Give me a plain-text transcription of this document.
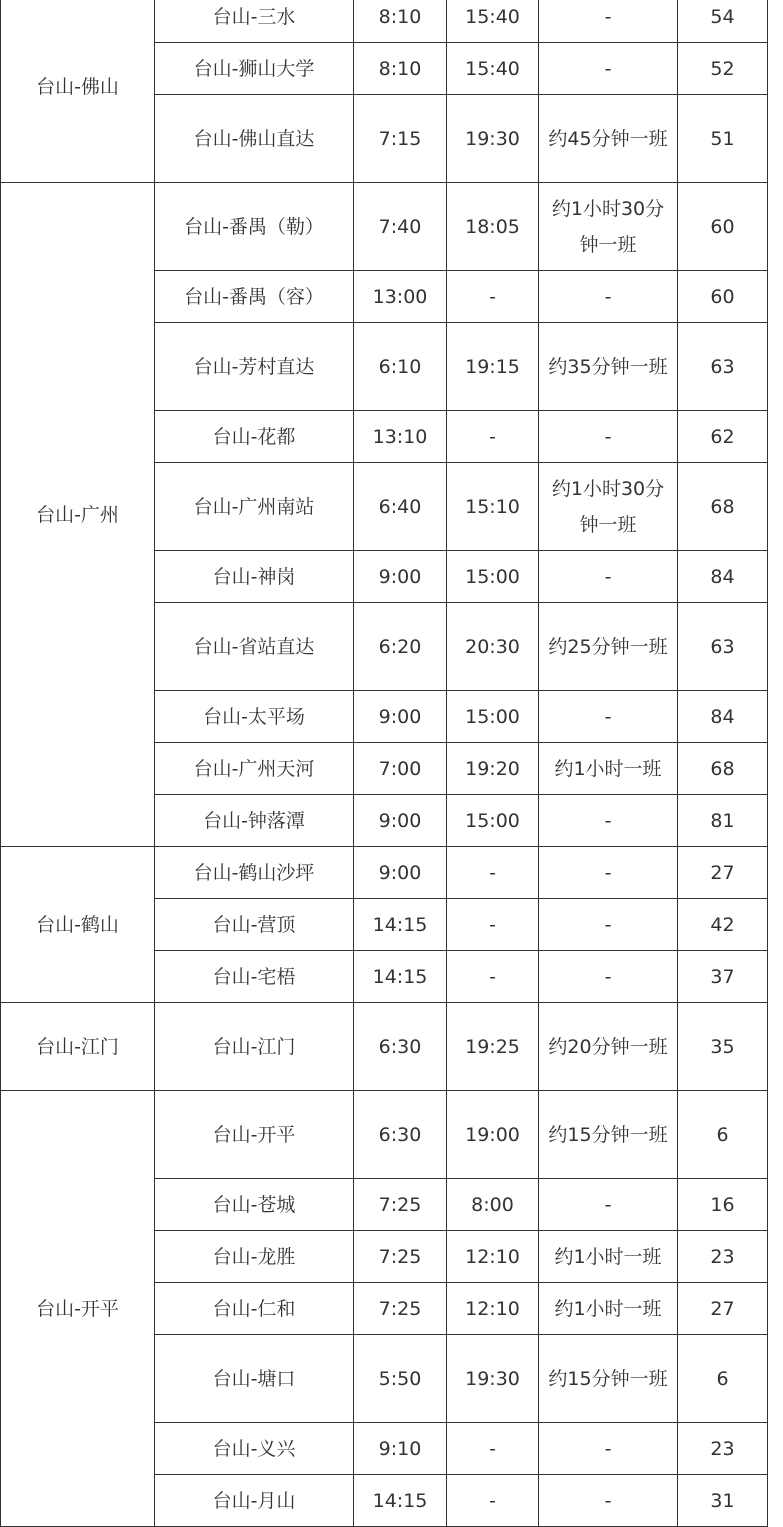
台山-佛山	台山-三水	8:10	15:40	-	54
	台山-狮山大学	8:10	15:40	-	52
	台山-佛山直达	7:15	19:30	约45分钟一班	51
台山-广州	台山-番禺（勒）	7:40	18:05	约1小时30分钟一班	60
	台山-番禺（容）	13:00	-	-	60
	台山-芳村直达	6:10	19:15	约35分钟一班	63
	台山-花都	13:10	-	-	62
	台山-广州南站	6:40	15:10	约1小时30分钟一班	68
	台山-神岗	9:00	15:00	-	84
	台山-省站直达	6:20	20:30	约25分钟一班	63
	台山-太平场	9:00	15:00	-	84
	台山-广州天河	7:00	19:20	约1小时一班	68
	台山-钟落潭	9:00	15:00	-	81
台山-鹤山	台山-鹤山沙坪	9:00	-	-	27
	台山-营顶	14:15	-	-	42
	台山-宅梧	14:15	-	-	37
台山-江门	台山-江门	6:30	19:25	约20分钟一班	35
台山-开平	台山-开平	6:30	19:00	约15分钟一班	6
	台山-苍城	7:25	8:00	-	16
	台山-龙胜	7:25	12:10	约1小时一班	23
	台山-仁和	7:25	12:10	约1小时一班	27
	台山-塘口	5:50	19:30	约15分钟一班	6
	台山-义兴	9:10	-	-	23
	台山-月山	14:15	-	-	31
